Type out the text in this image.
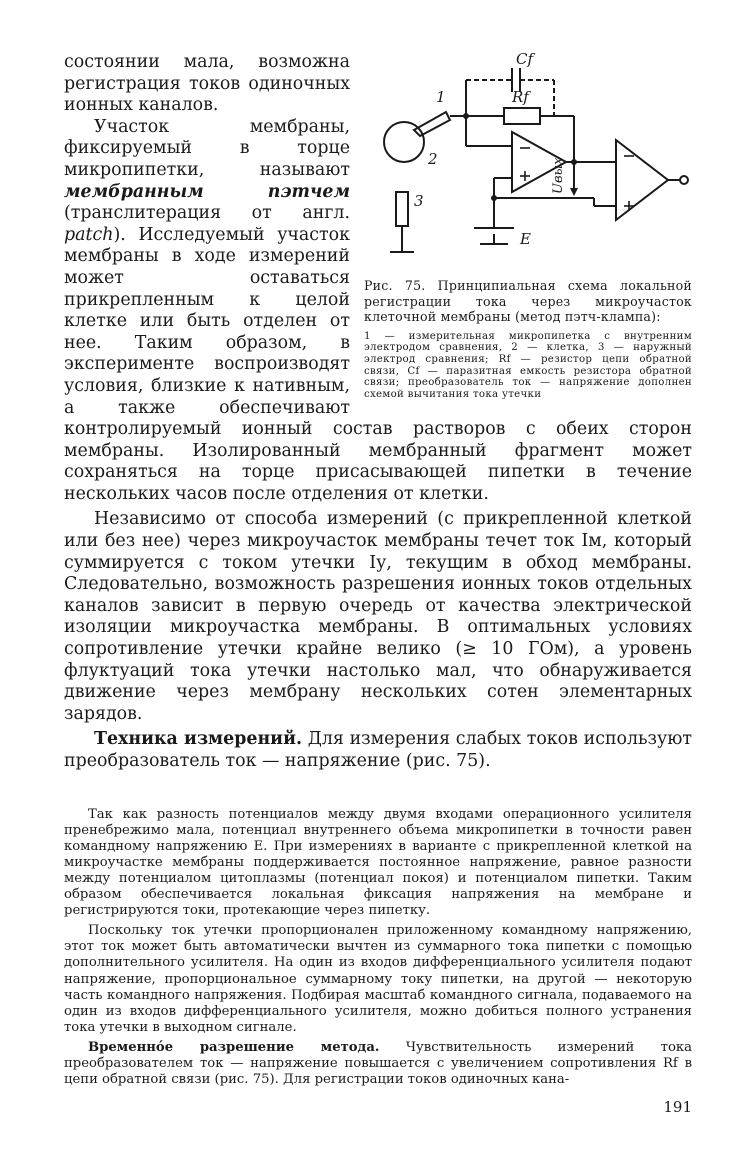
Cf
Rf
1
2
3
E
Uвых
Рис. 75. Принципиальная схема локальной регистрации тока через микроучасток клеточной мембраны (метод пэтч-клампа):
1 — измерительная микропипетка с внутренним электродом сравнения, 2 — клетка, 3 — наружный электрод сравнения; Rf — резистор цепи обратной связи, Cf — паразитная емкость резистора обратной связи; преобразователь ток — напряжение дополнен схемой вычитания тока утечки

состоянии мала, возможна регистрация токов одиночных ионных каналов.

Участок мембраны, фиксируемый в торце микропипетки, называют мембранным пэтчем (транслитерация от англ. patch). Исследуемый участок мембраны в ходе измерений может оставаться прикрепленным к целой клетке или быть отделен от нее. Таким образом, в эксперименте воспроизводят условия, близкие к нативным, а также обеспечивают контролируемый ионный состав растворов с обеих сторон мембраны. Изолированный мембранный фрагмент может сохраняться на торце присасывающей пипетки в течение нескольких часов после отделения от клетки.

Независимо от способа измерений (с прикрепленной клеткой или без нее) через микроучасток мембраны течет ток Iм, который суммируется с током утечки Iу, текущим в обход мембраны. Следовательно, возможность разрешения ионных токов отдельных каналов зависит в первую очередь от качества электрической изоляции микроучастка мембраны. В оптимальных условиях сопротивление утечки крайне велико (≥ 10 ГОм), а уровень флуктуаций тока утечки настолько мал, что обнаруживается движение через мембрану нескольких сотен элементарных зарядов.

Техника измерений. Для измерения слабых токов используют преобразователь ток — напряжение (рис. 75).

Так как разность потенциалов между двумя входами операционного усилителя пренебрежимо мала, потенциал внутреннего объема микропипетки в точности равен командному напряжению E. При измерениях в варианте с прикрепленной клеткой на микроучастке мембраны поддерживается постоянное напряжение, равное разности между потенциалом цитоплазмы (потенциал покоя) и потенциалом пипетки. Таким образом обеспечивается локальная фиксация напряжения на мембране и регистрируются токи, протекающие через пипетку.

Поскольку ток утечки пропорционален приложенному командному напряжению, этот ток может быть автоматически вычтен из суммарного тока пипетки с помощью дополнительного усилителя. На один из входов дифференциального усилителя подают напряжение, пропорциональное суммарному току пипетки, на другой — некоторую часть командного напряжения. Подбирая масштаб командного сигнала, подаваемого на один из входов дифференциального усилителя, можно добиться полного устранения тока утечки в выходном сигнале.

Временнóе разрешение метода. Чувствительность измерений тока преобразователем ток — напряжение повышается с увеличением сопротивления Rf в цепи обратной связи (рис. 75). Для регистрации токов одиночных кана-

191
